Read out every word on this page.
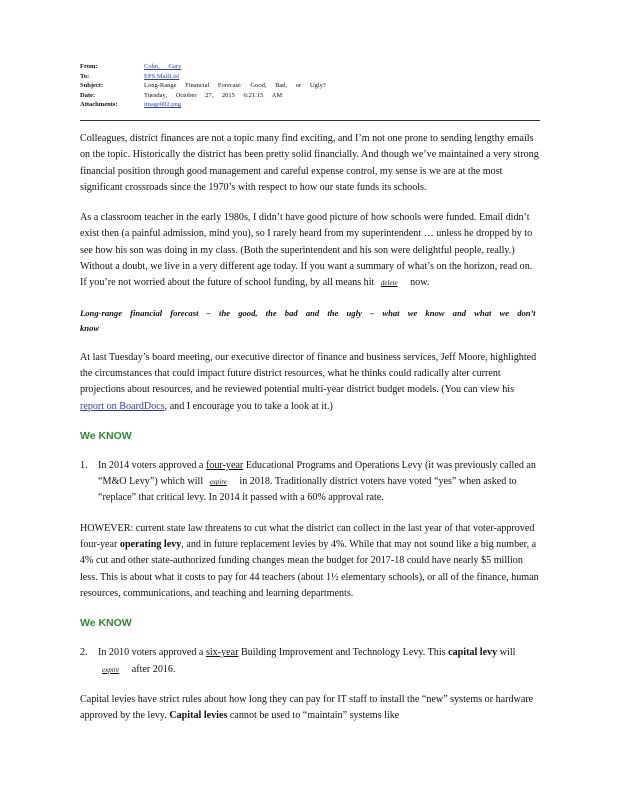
From:	Cohn, Gary
To:	EPS MailList
Subject:	Long-Range Financial Forecast: Good, Bad, or Ugly?
Date:	Tuesday, October 27, 2015 6:21:15 AM
Attachments:	image002.png

Colleagues, district finances are not a topic many find exciting, and I’m not one prone to sending lengthy emails on the topic. Historically the district has been pretty solid financially. And though we’ve maintained a very strong financial position through good management and careful expense control, my sense is we are at the most significant crossroads since the 1970’s with respect to how our state funds its schools.

As a classroom teacher in the early 1980s, I didn’t have good picture of how schools were funded. Email didn’t exist then (a painful admission, mind you), so I rarely heard from my superintendent … unless he dropped by to see how his son was doing in my class. (Both the superintendent and his son were delightful people, really.) Without a doubt, we live in a very different age today. If you want a summary of what’s on the horizon, read on. If you’re not worried about the future of school funding, by all means hit delete now.

Long-range financial forecast – the good, the bad and the ugly – what we know and what we don’t know

At last Tuesday’s board meeting, our executive director of finance and business services, Jeff Moore, highlighted the circumstances that could impact future district resources, what he thinks could radically alter current projections about resources, and he reviewed potential multi-year district budget models. (You can view his report on BoardDocs, and I encourage you to take a look at it.)

We KNOW

1.	In 2014 voters approved a four-year Educational Programs and Operations Levy (it was previously called an “M&O Levy”) which will expire in 2018. Traditionally district voters have voted “yes” when asked to “replace” that critical levy. In 2014 it passed with a 60% approval rate.

HOWEVER: current state law threatens to cut what the district can collect in the last year of that voter-approved four-year operating levy, and in future replacement levies by 4%. While that may not sound like a big number, a 4% cut and other state-authorized funding changes mean the budget for 2017-18 could have nearly $5 million less. This is about what it costs to pay for 44 teachers (about 1½ elementary schools), or all of the finance, human resources, communications, and teaching and learning departments.

We KNOW

2.	In 2010 voters approved a six-year Building Improvement and Technology Levy. This capital levy will expire after 2016.

Capital levies have strict rules about how long they can pay for IT staff to install the “new” systems or hardware approved by the levy. Capital levies cannot be used to “maintain” systems like
